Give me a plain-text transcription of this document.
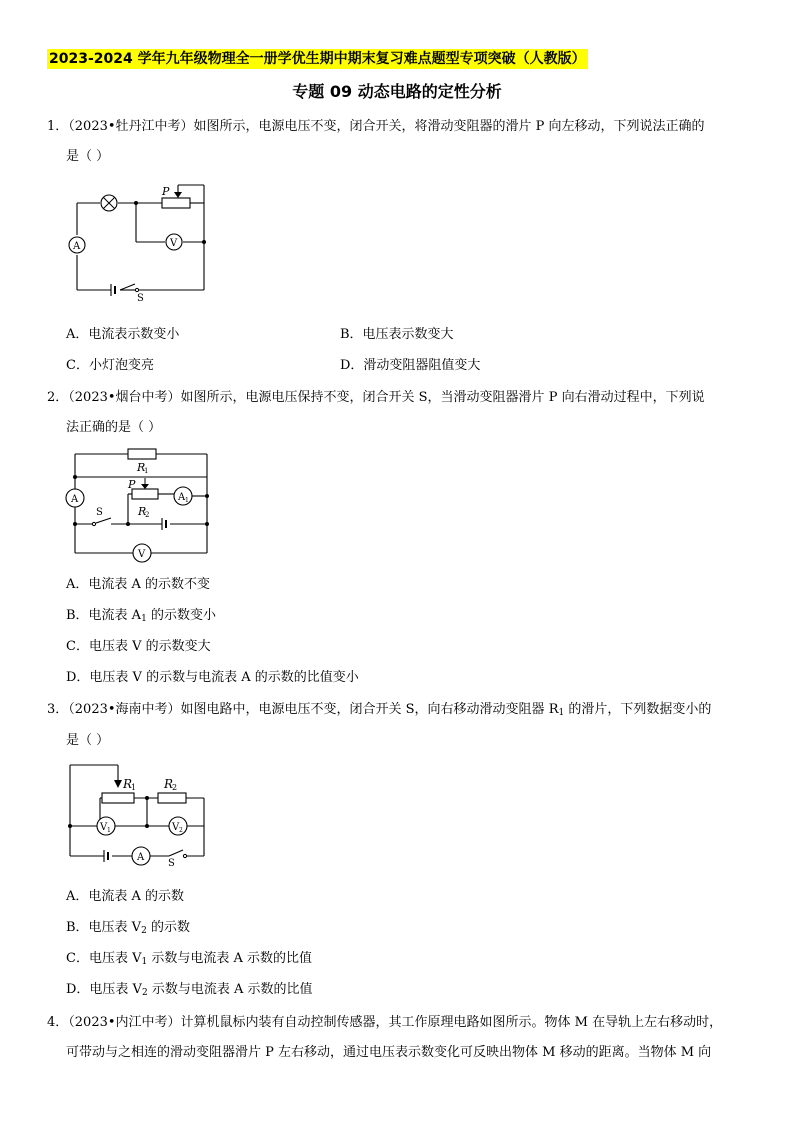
2023-2024 学年九年级物理全一册学优生期中期末复习难点题型专项突破（人教版）
专题 09 动态电路的定性分析
1．（2023•牡丹江中考）如图所示，电源电压不变，闭合开关，将滑动变阻器的滑片 P 向左移动，下列说法正确的
是（ ）
P
V
A
S
A．电流表示数变小	B．电压表示数变大
C．小灯泡变亮	D．滑动变阻器阻值变大
2．（2023•烟台中考）如图所示，电源电压保持不变，闭合开关 S，当滑动变阻器滑片 P 向右滑动过程中，下列说
法正确的是（ ）
R
1
P
R
2
A 1
A
S
V
A．电流表 A 的示数不变
B．电流表 $A_1$ 的示数变小
C．电压表 V 的示数变大
D．电压表 V 的示数与电流表 A 的示数的比值变小
3．（2023•海南中考）如图电路中，电源电压不变，闭合开关 S，向右移动滑动变阻器 $R_1$ 的滑片，下列数据变小的
是（ ）
R
1 R
2
V 1	V 2
A
S
A．电流表 A 的示数
B．电压表 $V_2$ 的示数
C．电压表 $V_1$ 示数与电流表 A 示数的比值
D．电压表 $V_2$ 示数与电流表 A 示数的比值
4．（2023•内江中考）计算机鼠标内装有自动控制传感器，其工作原理电路如图所示。物体 M 在导轨上左右移动时，
可带动与之相连的滑动变阻器滑片 P 左右移动，通过电压表示数变化可反映出物体 M 移动的距离。当物体 M 向
